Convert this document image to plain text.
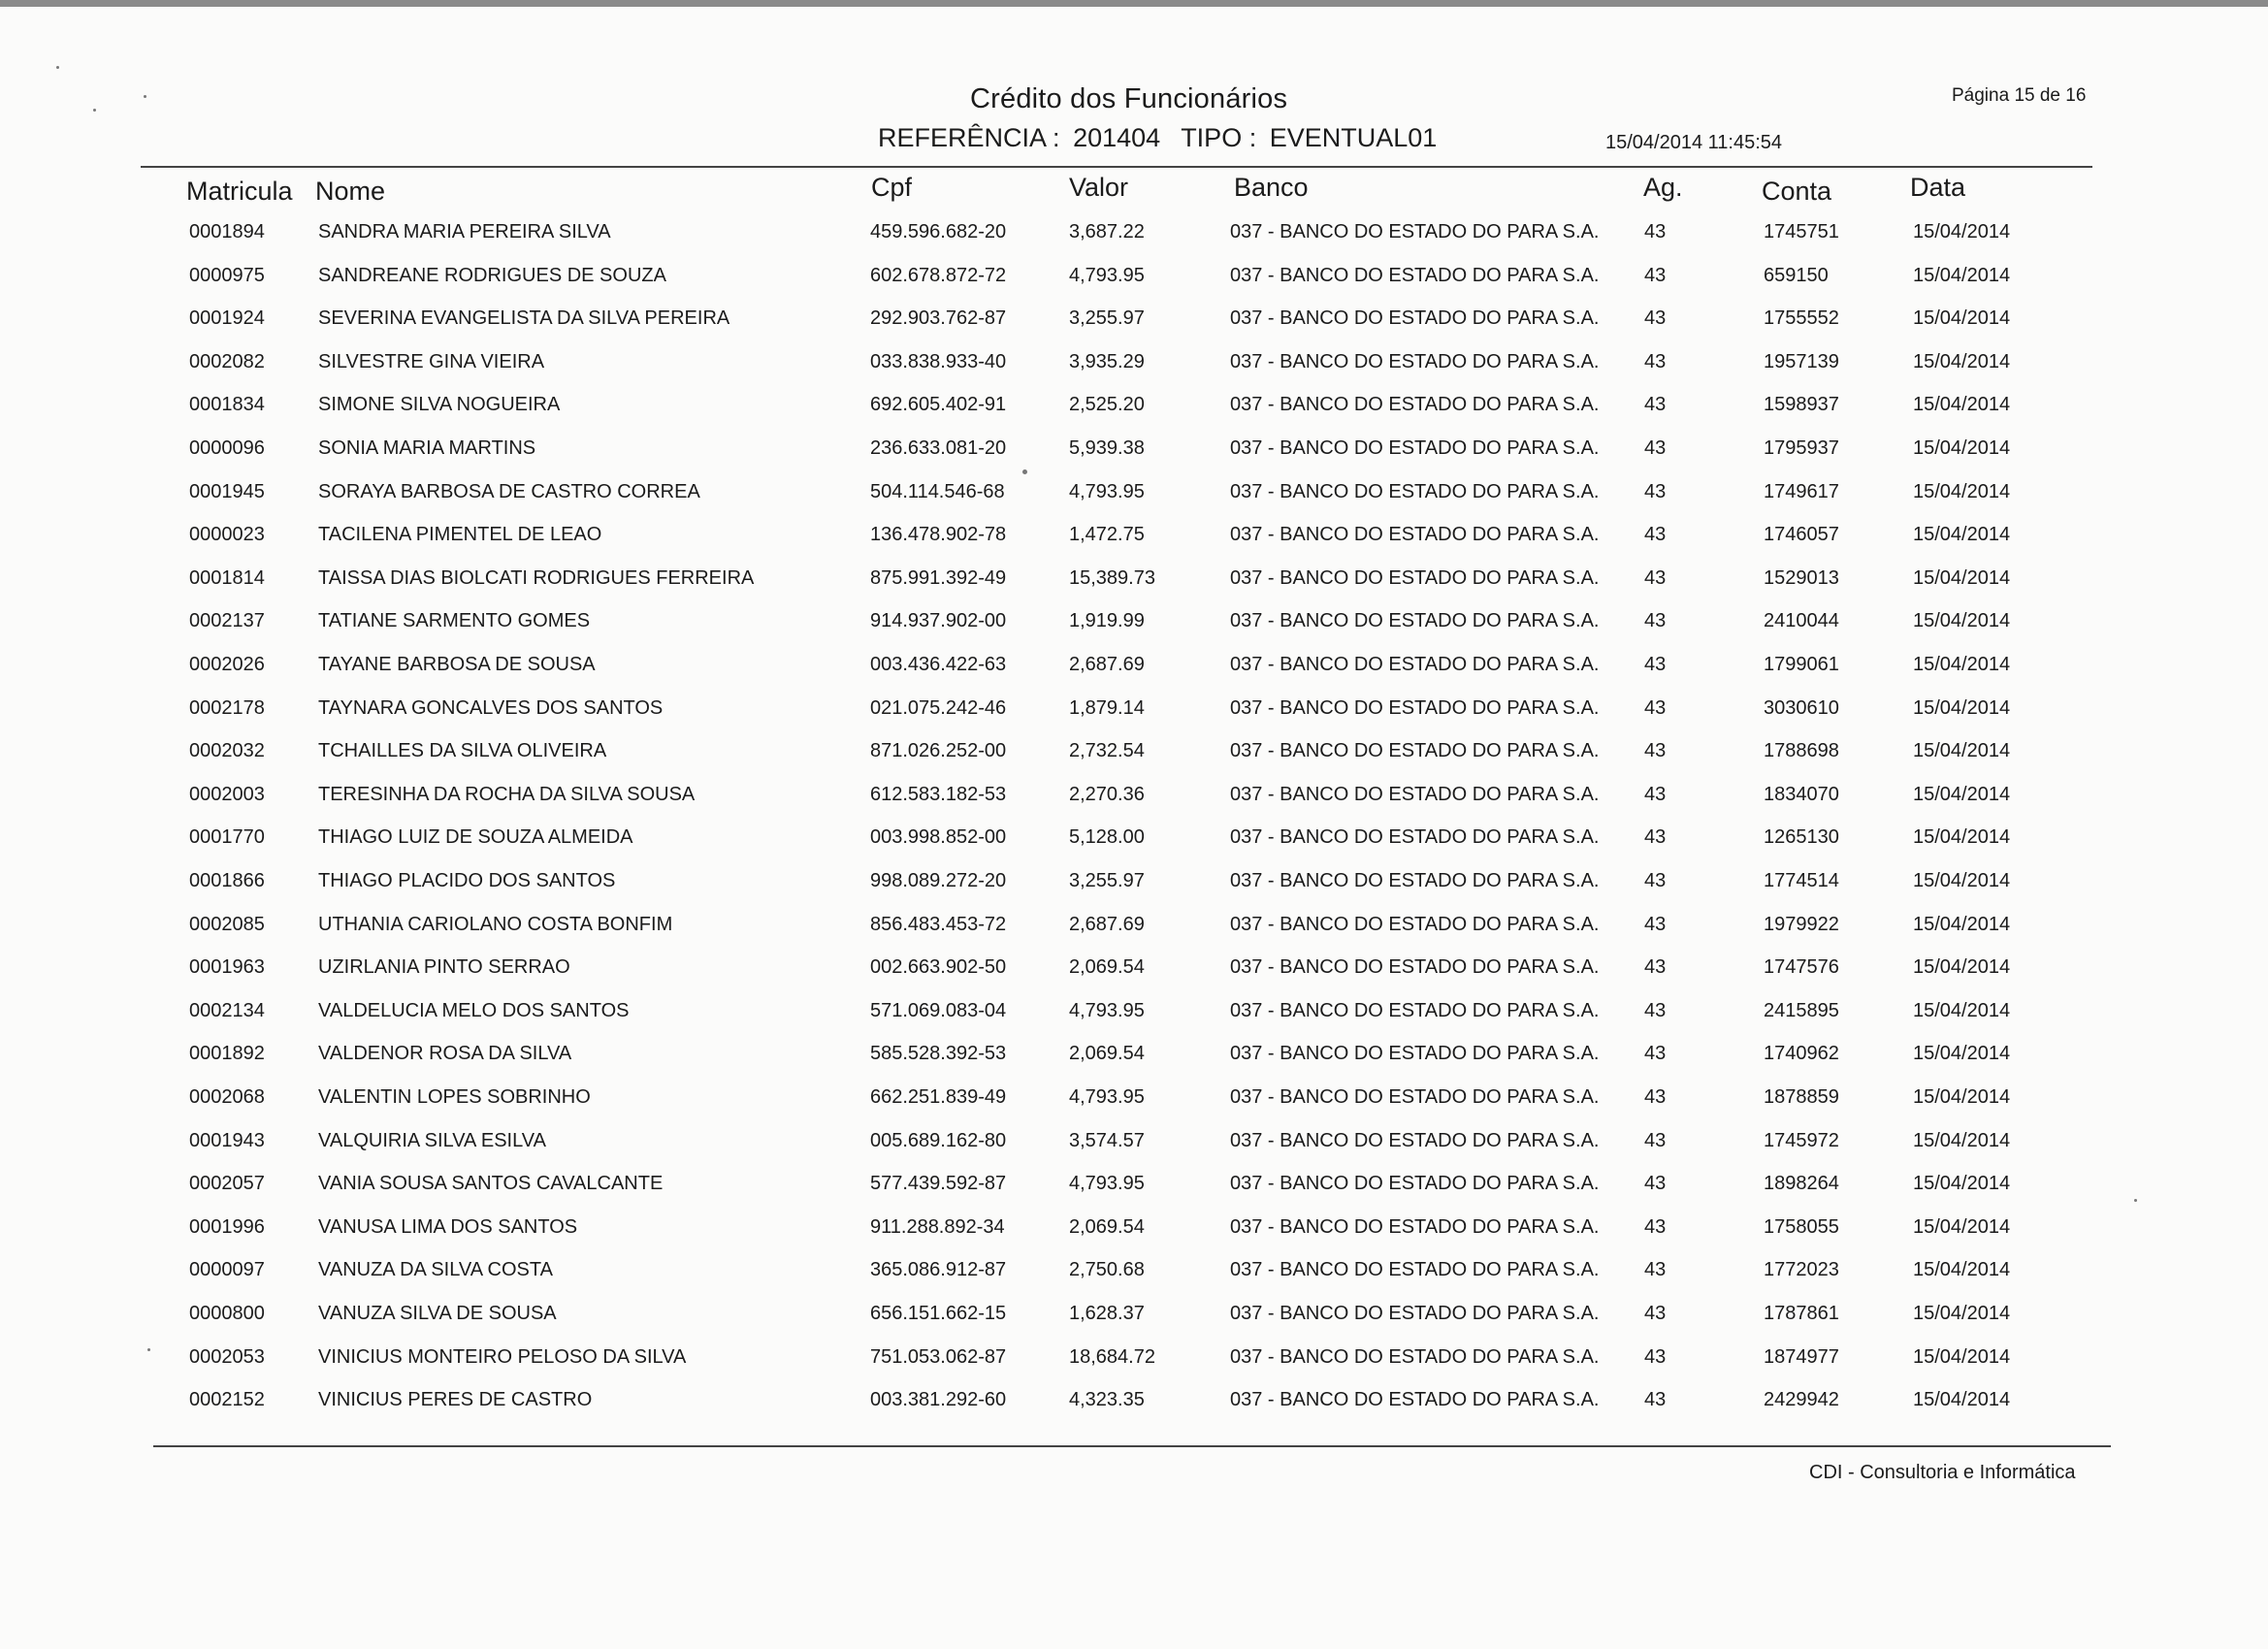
Crédito dos Funcionários	Página 15 de 16
REFERÊNCIA : 201404 TIPO : EVENTUAL01	15/04/2014 11:45:54
Matricula Nome	Cpf	Valor	Banco	Ag.	Conta	Data
0001894	SANDRA MARIA PEREIRA SILVA	459.596.682-20	3,687.22	037 - BANCO DO ESTADO DO PARA S.A. 43	1745751	15/04/2014
0000975	SANDREANE RODRIGUES DE SOUZA	602.678.872-72	4,793.95	037 - BANCO DO ESTADO DO PARA S.A. 43	659150	15/04/2014
0001924	SEVERINA EVANGELISTA DA SILVA PEREIRA	292.903.762-87	3,255.97	037 - BANCO DO ESTADO DO PARA S.A. 43	1755552	15/04/2014
0002082	SILVESTRE GINA VIEIRA	033.838.933-40	3,935.29	037 - BANCO DO ESTADO DO PARA S.A. 43	1957139	15/04/2014
0001834	SIMONE SILVA NOGUEIRA	692.605.402-91	2,525.20	037 - BANCO DO ESTADO DO PARA S.A. 43	1598937	15/04/2014
0000096	SONIA MARIA MARTINS	236.633.081-20	5,939.38	037 - BANCO DO ESTADO DO PARA S.A. 43	1795937	15/04/2014
0001945	SORAYA BARBOSA DE CASTRO CORREA	504.114.546-68	4,793.95	037 - BANCO DO ESTADO DO PARA S.A. 43	1749617	15/04/2014
0000023	TACILENA PIMENTEL DE LEAO	136.478.902-78	1,472.75	037 - BANCO DO ESTADO DO PARA S.A. 43	1746057	15/04/2014
0001814	TAISSA DIAS BIOLCATI RODRIGUES FERREIRA	875.991.392-49	15,389.73	037 - BANCO DO ESTADO DO PARA S.A. 43	1529013	15/04/2014
0002137	TATIANE SARMENTO GOMES	914.937.902-00	1,919.99	037 - BANCO DO ESTADO DO PARA S.A. 43	2410044	15/04/2014
0002026	TAYANE BARBOSA DE SOUSA	003.436.422-63	2,687.69	037 - BANCO DO ESTADO DO PARA S.A. 43	1799061	15/04/2014
0002178	TAYNARA GONCALVES DOS SANTOS	021.075.242-46	1,879.14	037 - BANCO DO ESTADO DO PARA S.A. 43	3030610	15/04/2014
0002032	TCHAILLES DA SILVA OLIVEIRA	871.026.252-00	2,732.54	037 - BANCO DO ESTADO DO PARA S.A. 43	1788698	15/04/2014
0002003	TERESINHA DA ROCHA DA SILVA SOUSA	612.583.182-53	2,270.36	037 - BANCO DO ESTADO DO PARA S.A. 43	1834070	15/04/2014
0001770	THIAGO LUIZ DE SOUZA ALMEIDA	003.998.852-00	5,128.00	037 - BANCO DO ESTADO DO PARA S.A. 43	1265130	15/04/2014
0001866	THIAGO PLACIDO DOS SANTOS	998.089.272-20	3,255.97	037 - BANCO DO ESTADO DO PARA S.A. 43	1774514	15/04/2014
0002085	UTHANIA CARIOLANO COSTA BONFIM	856.483.453-72	2,687.69	037 - BANCO DO ESTADO DO PARA S.A. 43	1979922	15/04/2014
0001963	UZIRLANIA PINTO SERRAO	002.663.902-50	2,069.54	037 - BANCO DO ESTADO DO PARA S.A. 43	1747576	15/04/2014
0002134	VALDELUCIA MELO DOS SANTOS	571.069.083-04	4,793.95	037 - BANCO DO ESTADO DO PARA S.A. 43	2415895	15/04/2014
0001892	VALDENOR ROSA DA SILVA	585.528.392-53	2,069.54	037 - BANCO DO ESTADO DO PARA S.A. 43	1740962	15/04/2014
0002068	VALENTIN LOPES SOBRINHO	662.251.839-49	4,793.95	037 - BANCO DO ESTADO DO PARA S.A. 43	1878859	15/04/2014
0001943	VALQUIRIA SILVA ESILVA	005.689.162-80	3,574.57	037 - BANCO DO ESTADO DO PARA S.A. 43	1745972	15/04/2014
0002057	VANIA SOUSA SANTOS CAVALCANTE	577.439.592-87	4,793.95	037 - BANCO DO ESTADO DO PARA S.A. 43	1898264	15/04/2014
0001996	VANUSA LIMA DOS SANTOS	911.288.892-34	2,069.54	037 - BANCO DO ESTADO DO PARA S.A. 43	1758055	15/04/2014
0000097	VANUZA DA SILVA COSTA	365.086.912-87	2,750.68	037 - BANCO DO ESTADO DO PARA S.A. 43	1772023	15/04/2014
0000800	VANUZA SILVA DE SOUSA	656.151.662-15	1,628.37	037 - BANCO DO ESTADO DO PARA S.A. 43	1787861	15/04/2014
0002053	VINICIUS MONTEIRO PELOSO DA SILVA	751.053.062-87	18,684.72	037 - BANCO DO ESTADO DO PARA S.A. 43	1874977	15/04/2014
0002152	VINICIUS PERES DE CASTRO	003.381.292-60	4,323.35	037 - BANCO DO ESTADO DO PARA S.A. 43	2429942	15/04/2014
CDI - Consultoria e Informática
